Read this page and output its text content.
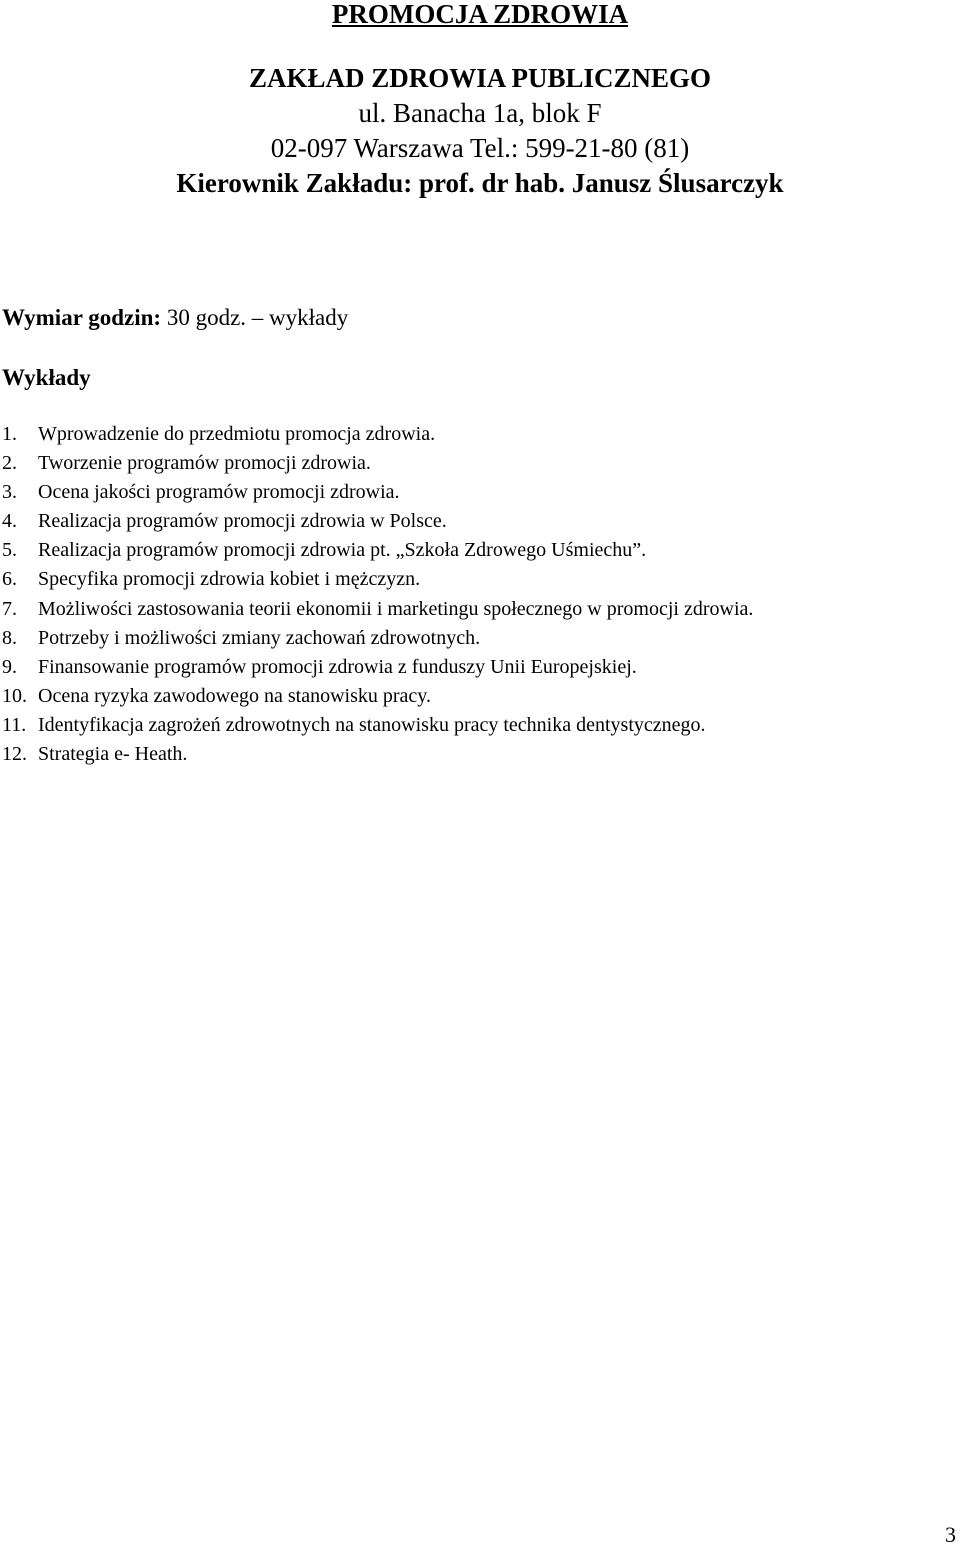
PROMOCJA ZDROWIA
ZAKŁAD ZDROWIA PUBLICZNEGO
ul. Banacha 1a, blok F
02-097 Warszawa Tel.: 599-21-80 (81)
Kierownik Zakładu: prof. dr hab. Janusz Ślusarczyk
Wymiar godzin: 30 godz. – wykłady
Wykłady
1. Wprowadzenie do przedmiotu promocja zdrowia.
2. Tworzenie programów promocji zdrowia.
3. Ocena jakości programów promocji zdrowia.
4. Realizacja programów promocji zdrowia w Polsce.
5. Realizacja programów promocji zdrowia pt. „Szkoła Zdrowego Uśmiechu”.
6. Specyfika promocji zdrowia kobiet i mężczyzn.
7. Możliwości zastosowania teorii ekonomii i marketingu społecznego w promocji zdrowia.
8. Potrzeby i możliwości zmiany zachowań zdrowotnych.
9. Finansowanie programów promocji zdrowia z funduszy Unii Europejskiej.
10. Ocena ryzyka zawodowego na stanowisku pracy.
11. Identyfikacja zagrożeń zdrowotnych na stanowisku pracy technika dentystycznego.
12. Strategia e- Heath.
3
